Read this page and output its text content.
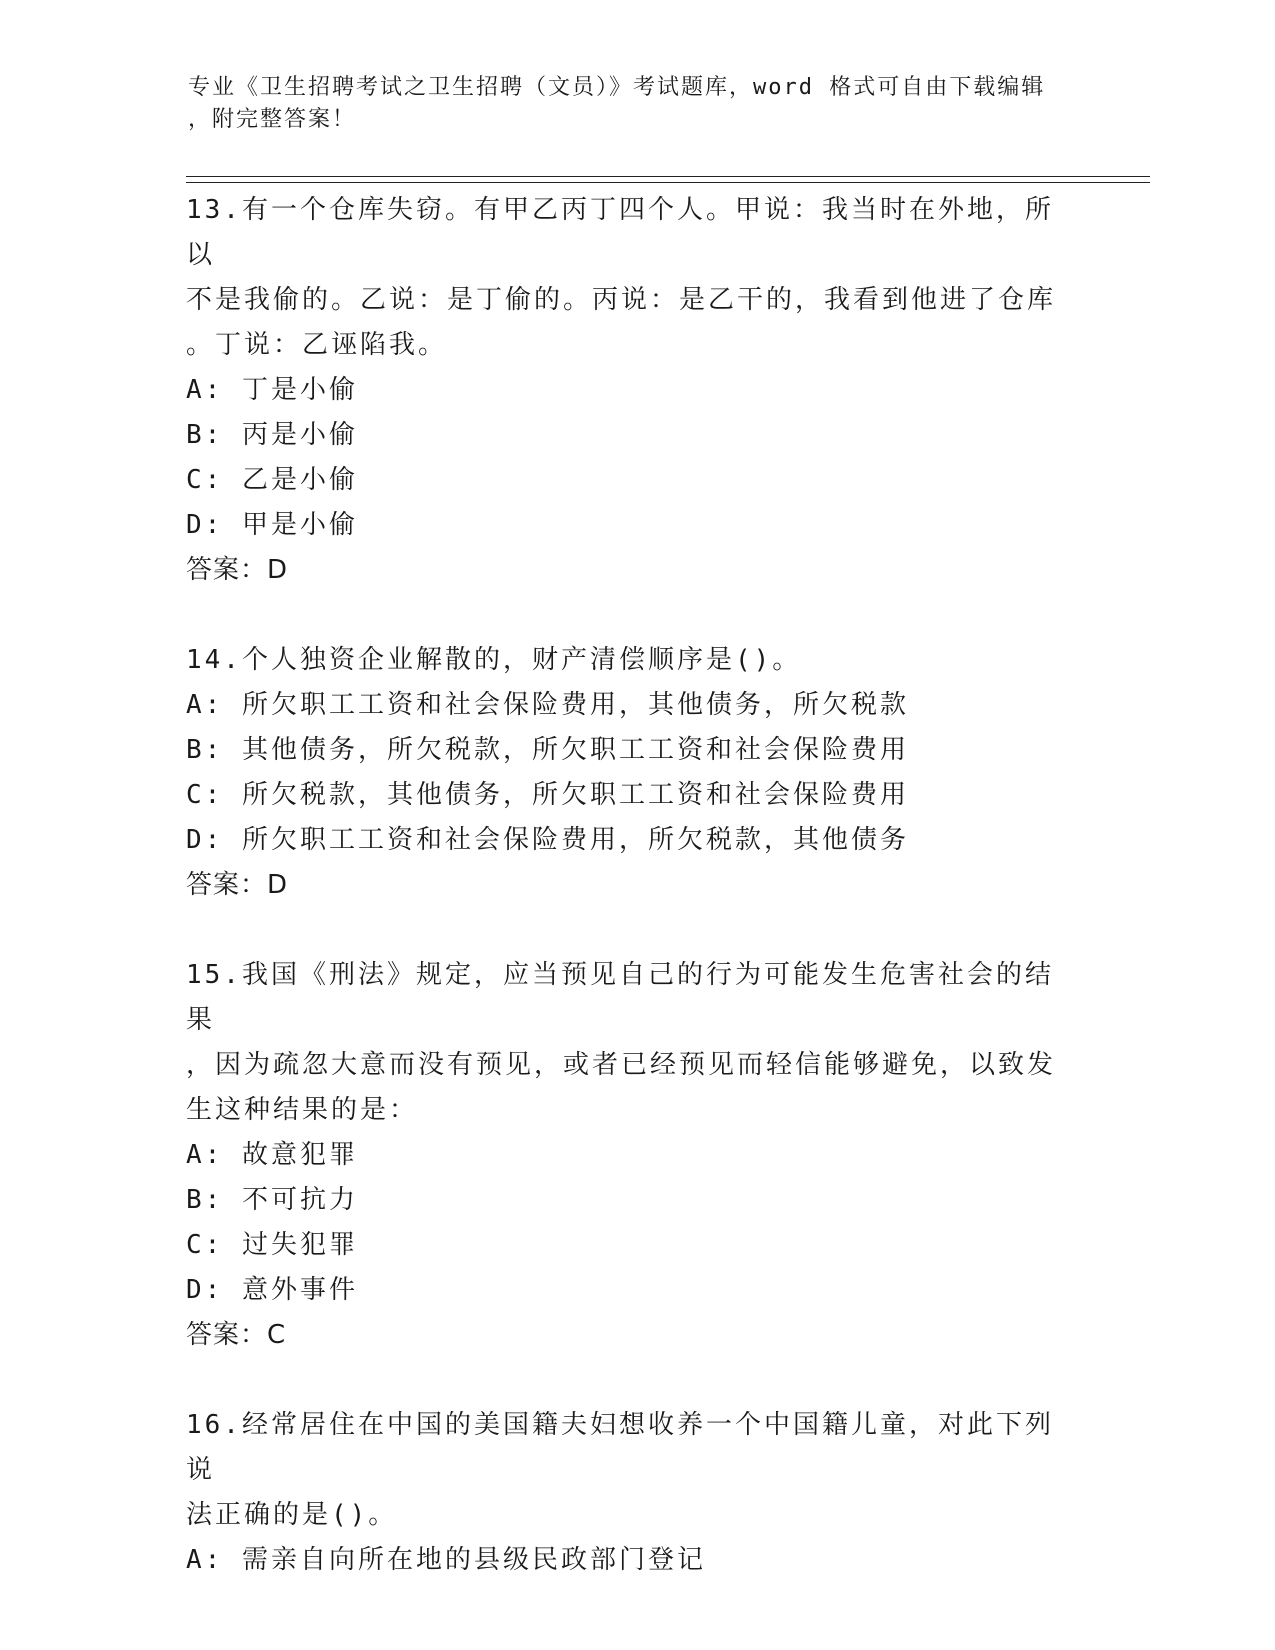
专业《卫生招聘考试之卫生招聘（文员）》考试题库，word 格式可自由下载编辑
，附完整答案！
13.有一个仓库失窃。有甲乙丙丁四个人。甲说：我当时在外地，所以
不是我偷的。乙说：是丁偷的。丙说：是乙干的，我看到他进了仓库
。丁说：乙诬陷我。
A: 丁是小偷
B: 丙是小偷
C: 乙是小偷
D: 甲是小偷
答案：D
14.个人独资企业解散的，财产清偿顺序是()。
A: 所欠职工工资和社会保险费用，其他债务，所欠税款
B: 其他债务，所欠税款，所欠职工工资和社会保险费用
C: 所欠税款，其他债务，所欠职工工资和社会保险费用
D: 所欠职工工资和社会保险费用，所欠税款，其他债务
答案：D
15.我国《刑法》规定，应当预见自己的行为可能发生危害社会的结果
，因为疏忽大意而没有预见，或者已经预见而轻信能够避免，以致发
生这种结果的是：
A: 故意犯罪
B: 不可抗力
C: 过失犯罪
D: 意外事件
答案：C
16.经常居住在中国的美国籍夫妇想收养一个中国籍儿童，对此下列说
法正确的是()。
A: 需亲自向所在地的县级民政部门登记
